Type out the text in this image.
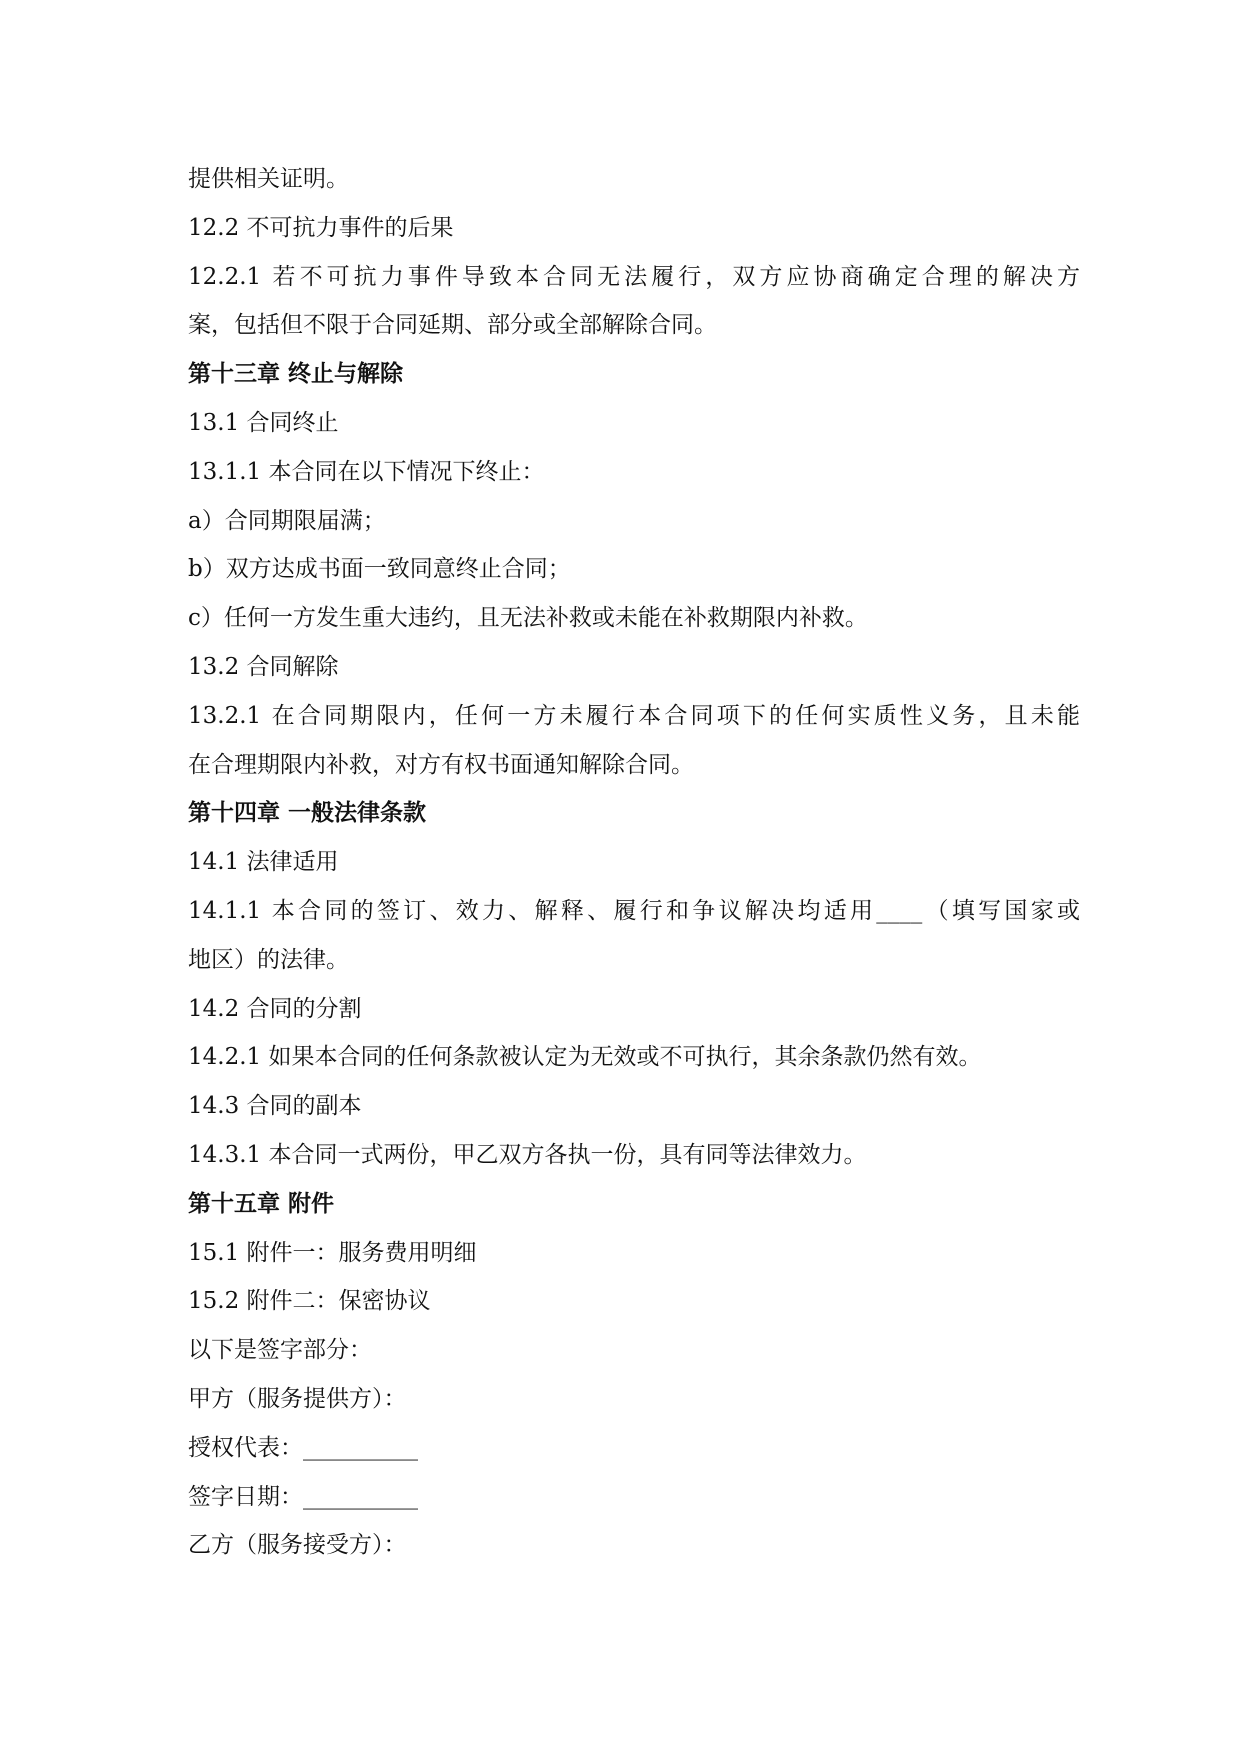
提供相关证明。
12.2 不可抗力事件的后果
12.2.1 若不可抗力事件导致本合同无法履行，双方应协商确定合理的解决方
案，包括但不限于合同延期、部分或全部解除合同。
第十三章 终止与解除
13.1 合同终止
13.1.1 本合同在以下情况下终止：
a）合同期限届满；
b）双方达成书面一致同意终止合同；
c）任何一方发生重大违约，且无法补救或未能在补救期限内补救。
13.2 合同解除
13.2.1 在合同期限内，任何一方未履行本合同项下的任何实质性义务，且未能
在合理期限内补救，对方有权书面通知解除合同。
第十四章 一般法律条款
14.1 法律适用
14.1.1 本合同的签订、效力、解释、履行和争议解决均适用____（填写国家或
地区）的法律。
14.2 合同的分割
14.2.1 如果本合同的任何条款被认定为无效或不可执行，其余条款仍然有效。
14.3 合同的副本
14.3.1 本合同一式两份，甲乙双方各执一份，具有同等法律效力。
第十五章 附件
15.1 附件一：服务费用明细
15.2 附件二：保密协议
以下是签字部分：
甲方（服务提供方）：
授权代表：__________
签字日期：__________
乙方（服务接受方）：
